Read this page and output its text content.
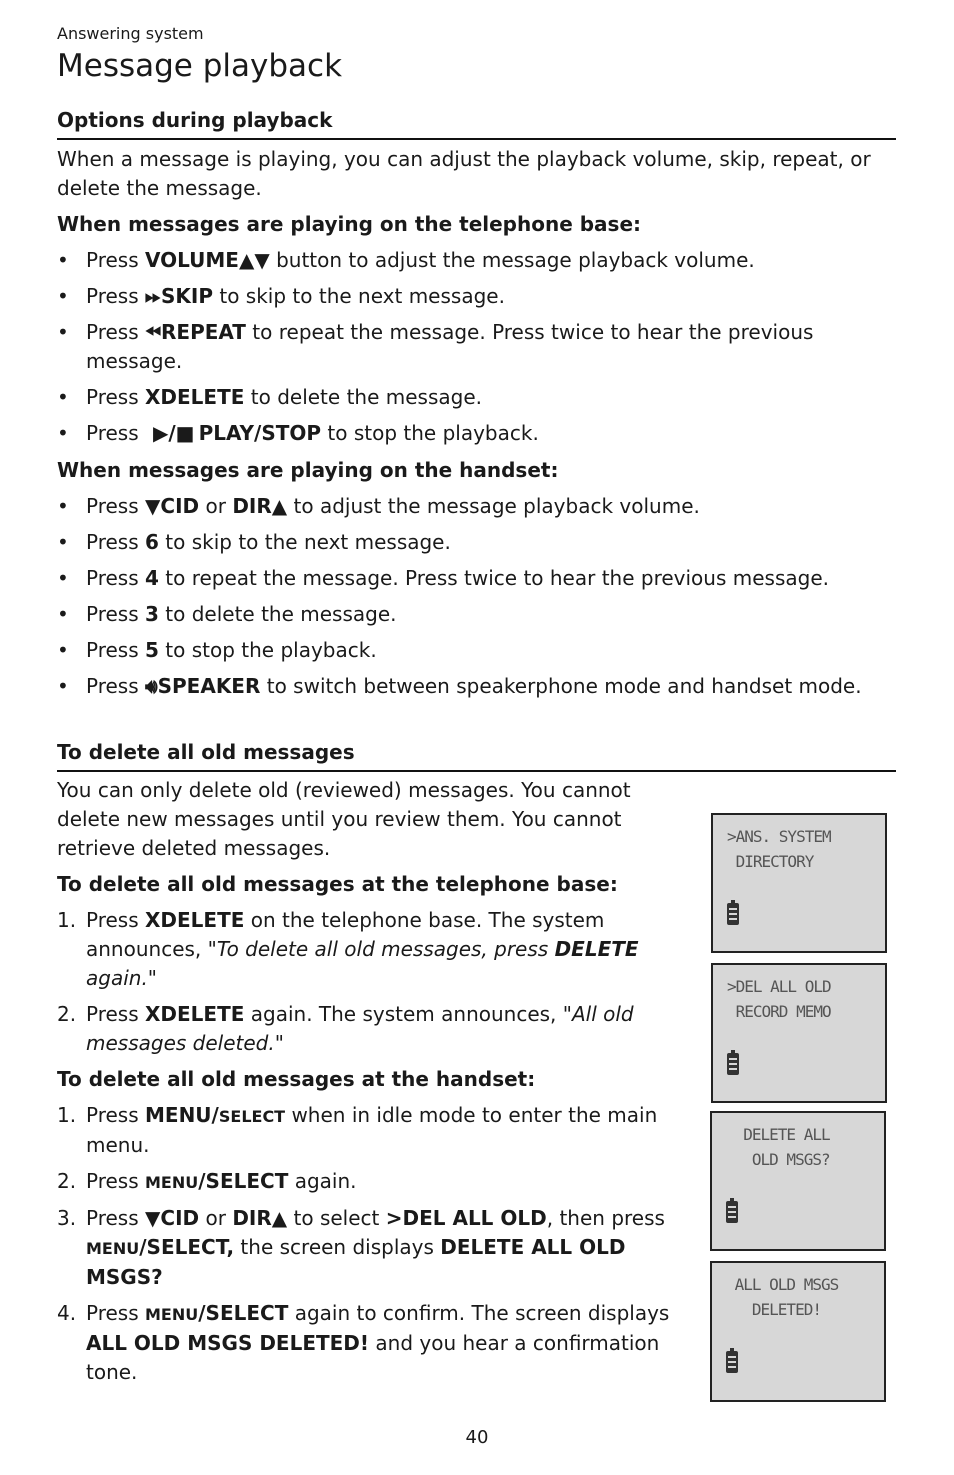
Answering system
Message playback
Options during playback

When a message is playing, you can adjust the playback volume, skip, repeat, or delete the message.

When messages are playing on the telephone base:

• Press VOLUME▲▼ button to adjust the message playback volume.
• Press ⏩︎SKIP to skip to the next message.
• Press ⏪︎REPEAT to repeat the message. Press twice to hear the previous message.
• Press XDELETE to delete the message.
• Press ▶/■ PLAY/STOP to stop the playback.

When messages are playing on the handset:

• Press ▼CID or DIR▲ to adjust the message playback volume.
• Press 6 to skip to the next message.
• Press 4 to repeat the message. Press twice to hear the previous message.
• Press 3 to delete the message.
• Press 5 to stop the playback.
• Press 🔊︎SPEAKER to switch between speakerphone mode and handset mode.
To delete all old messages

You can only delete old (reviewed) messages. You cannot delete new messages until you review them. You cannot retrieve deleted messages.

To delete all old messages at the telephone base:

1. Press XDELETE on the telephone base. The system announces, "To delete all old messages, press DELETE again."
2. Press XDELETE again. The system announces, "All old messages deleted."

To delete all old messages at the handset:

1. Press MENU/SELECT when in idle mode to enter the main menu.
2. Press MENU/SELECT again.
3. Press ▼CID or DIR▲ to select >DEL ALL OLD, then press MENU/SELECT, the screen displays DELETE ALL OLD MSGS?
4. Press MENU/SELECT again to confirm. The screen displays ALL OLD MSGS DELETED! and you hear a confirmation tone.
>ANS. SYSTEM
DIRECTORY
>DEL ALL OLD
RECORD MEMO
DELETE ALL
OLD MSGS?
ALL OLD MSGS
DELETED!
40
